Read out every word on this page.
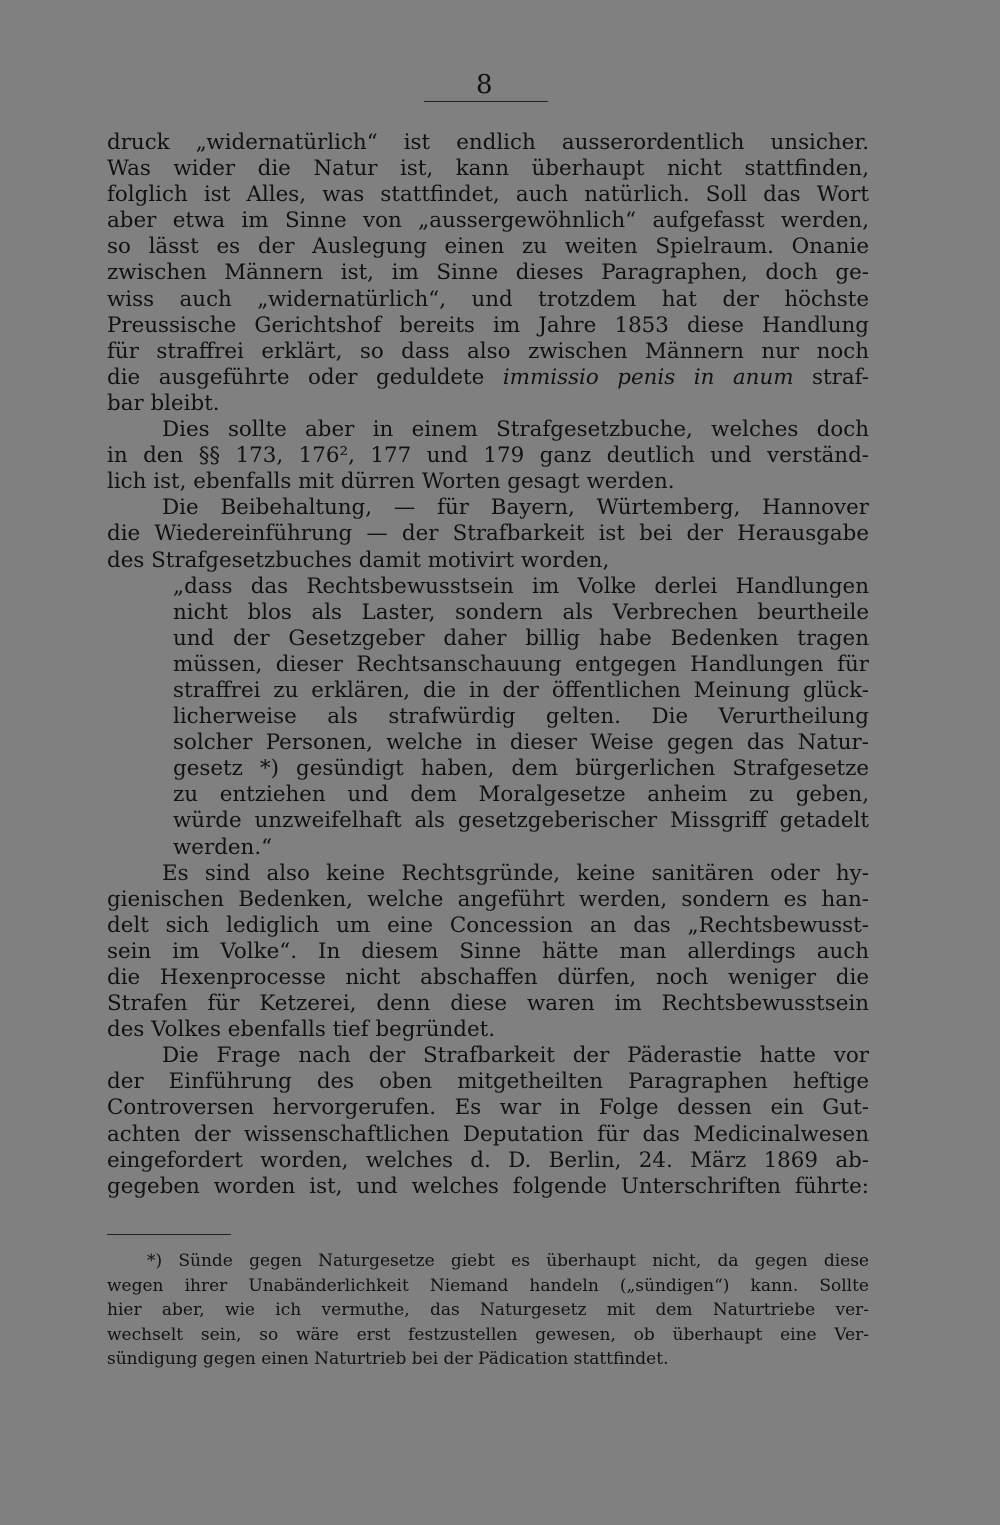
8

druck „widernatürlich“ ist endlich ausserordentlich unsicher.

Was wider die Natur ist, kann überhaupt nicht stattfinden,

folglich ist Alles, was stattfindet, auch natürlich. Soll das Wort

aber etwa im Sinne von „aussergewöhnlich“ aufgefasst werden,

so lässt es der Auslegung einen zu weiten Spielraum. Onanie

zwischen Männern ist, im Sinne dieses Paragraphen, doch ge-

wiss auch „widernatürlich“, und trotzdem hat der höchste

Preussische Gerichtshof bereits im Jahre 1853 diese Handlung

für straffrei erklärt, so dass also zwischen Männern nur noch

die ausgeführte oder geduldete immissio penis in anum straf-

bar bleibt.

Dies sollte aber in einem Strafgesetzbuche, welches doch

in den §§ 173, 176², 177 und 179 ganz deutlich und verständ-

lich ist, ebenfalls mit dürren Worten gesagt werden.

Die Beibehaltung, — für Bayern, Würtemberg, Hannover

die Wiedereinführung — der Strafbarkeit ist bei der Herausgabe

des Strafgesetzbuches damit motivirt worden,

„dass das Rechtsbewusstsein im Volke derlei Handlungen

nicht blos als Laster, sondern als Verbrechen beurtheile

und der Gesetzgeber daher billig habe Bedenken tragen

müssen, dieser Rechtsanschauung entgegen Handlungen für

straffrei zu erklären, die in der öffentlichen Meinung glück-

licherweise als strafwürdig gelten. Die Verurtheilung

solcher Personen, welche in dieser Weise gegen das Natur-

gesetz *) gesündigt haben, dem bürgerlichen Strafgesetze

zu entziehen und dem Moralgesetze anheim zu geben,

würde unzweifelhaft als gesetzgeberischer Missgriff getadelt

werden.“

Es sind also keine Rechtsgründe, keine sanitären oder hy-

gienischen Bedenken, welche angeführt werden, sondern es han-

delt sich lediglich um eine Concession an das „Rechtsbewusst-

sein im Volke“. In diesem Sinne hätte man allerdings auch

die Hexenprocesse nicht abschaffen dürfen, noch weniger die

Strafen für Ketzerei, denn diese waren im Rechtsbewusstsein

des Volkes ebenfalls tief begründet.

Die Frage nach der Strafbarkeit der Päderastie hatte vor

der Einführung des oben mitgetheilten Paragraphen heftige

Controversen hervorgerufen. Es war in Folge dessen ein Gut-

achten der wissenschaftlichen Deputation für das Medicinalwesen

eingefordert worden, welches d. D. Berlin, 24. März 1869 ab-

gegeben worden ist, und welches folgende Unterschriften führte:

*) Sünde gegen Naturgesetze giebt es überhaupt nicht, da gegen diese

wegen ihrer Unabänderlichkeit Niemand handeln („sündigen“) kann. Sollte

hier aber, wie ich vermuthe, das Naturgesetz mit dem Naturtriebe ver-

wechselt sein, so wäre erst festzustellen gewesen, ob überhaupt eine Ver-

sündigung gegen einen Naturtrieb bei der Pädication stattfindet.
